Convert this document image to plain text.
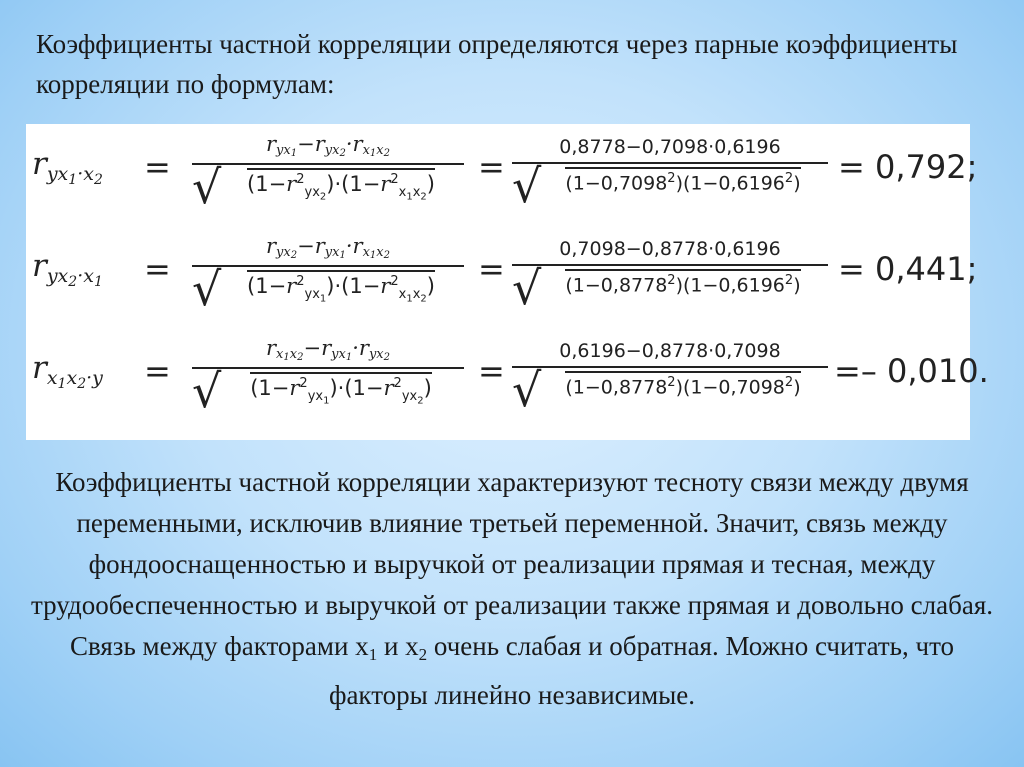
Коэффициенты частной корреляции определяются через парные коэффициенты корреляции по формулам:
$r_{yx_1\cdot x_2}$ =
$r_{yx_1}-r_{yx_2}\cdot r_{x_1x_2}$
√ $(1-r^2_{yx_2})\cdot(1-r^2_{x_1x_2})$	=
0,8778−0,7098·0,6196
√ $(1-0,7098^2)(1-0,6196^2)$	= 0,792;
$r_{yx_2\cdot x_1}$ =
$r_{yx_2}-r_{yx_1}\cdot r_{x_1x_2}$
√ $(1-r^2_{yx_1})\cdot(1-r^2_{x_1x_2})$	=
0,7098−0,8778·0,6196
√ $(1-0,8778^2)(1-0,6196^2)$	= 0,441;
$r_{x_1x_2\cdot y}$ =
$r_{x_1x_2}-r_{yx_1}\cdot r_{yx_2}$
√ $(1-r^2_{yx_1})\cdot(1-r^2_{yx_2})$	=
0,6196−0,8778·0,7098
√ $(1-0,8778^2)(1-0,7098^2)$	=– 0,010.
Коэффициенты частной корреляции характеризуют тесноту связи между двумя переменными, исключив влияние третьей переменной. Значит, связь между фондооснащенностью и выручкой от реализации прямая и тесная, между трудообеспеченностью и выручкой от реализации также прямая и довольно слабая. Связь между факторами $x_1$ и $x_2$ очень слабая и обратная. Можно считать, что факторы линейно независимые.
